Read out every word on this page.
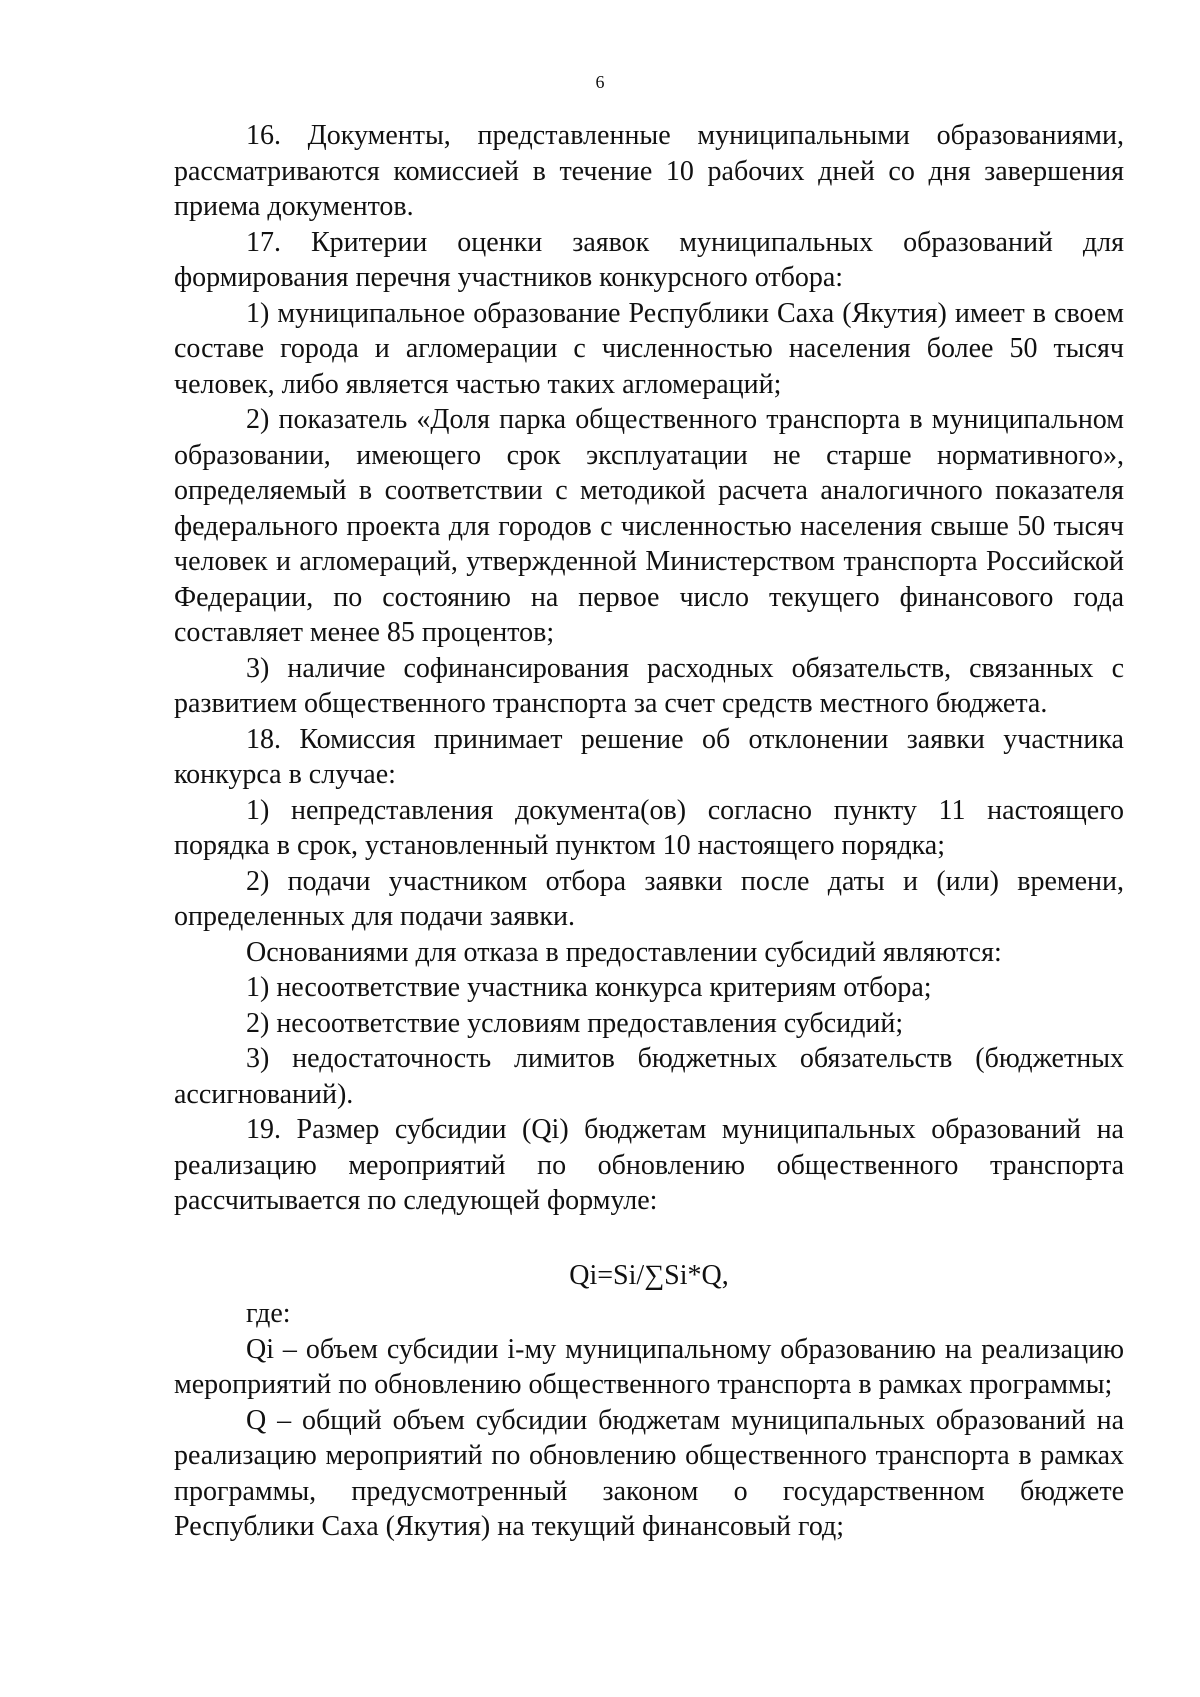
6

16. Документы, представленные муниципальными образованиями, рассматриваются комиссией в течение 10 рабочих дней со дня завершения приема документов.

17. Критерии оценки заявок муниципальных образований для формирования перечня участников конкурсного отбора:

1) муниципальное образование Республики Саха (Якутия) имеет в своем составе города и агломерации с численностью населения более 50 тысяч человек, либо является частью таких агломераций;

2) показатель «Доля парка общественного транспорта в муниципальном образовании, имеющего срок эксплуатации не старше нормативного», определяемый в соответствии с методикой расчета аналогичного показателя федерального проекта для городов с численностью населения свыше 50 тысяч человек и агломераций, утвержденной Министерством транспорта Российской Федерации, по состоянию на первое число текущего финансового года составляет менее 85 процентов;

3) наличие софинансирования расходных обязательств, связанных с развитием общественного транспорта за счет средств местного бюджета.

18. Комиссия принимает решение об отклонении заявки участника конкурса в случае:

1) непредставления документа(ов) согласно пункту 11 настоящего порядка в срок, установленный пунктом 10 настоящего порядка;

2) подачи участником отбора заявки после даты и (или) времени, определенных для подачи заявки.

Основаниями для отказа в предоставлении субсидий являются:

1) несоответствие участника конкурса критериям отбора;

2) несоответствие условиям предоставления субсидий;

3) недостаточность лимитов бюджетных обязательств (бюджетных ассигнований).

19. Размер субсидии (Qi) бюджетам муниципальных образований на реализацию мероприятий по обновлению общественного транспорта рассчитывается по следующей формуле:

Qi=Si/∑Si*Q,

где:

Qi – объем субсидии i-му муниципальному образованию на реализацию мероприятий по обновлению общественного транспорта в рамках программы;

Q – общий объем субсидии бюджетам муниципальных образований на реализацию мероприятий по обновлению общественного транспорта в рамках программы, предусмотренный законом о государственном бюджете Республики Саха (Якутия) на текущий финансовый год;
